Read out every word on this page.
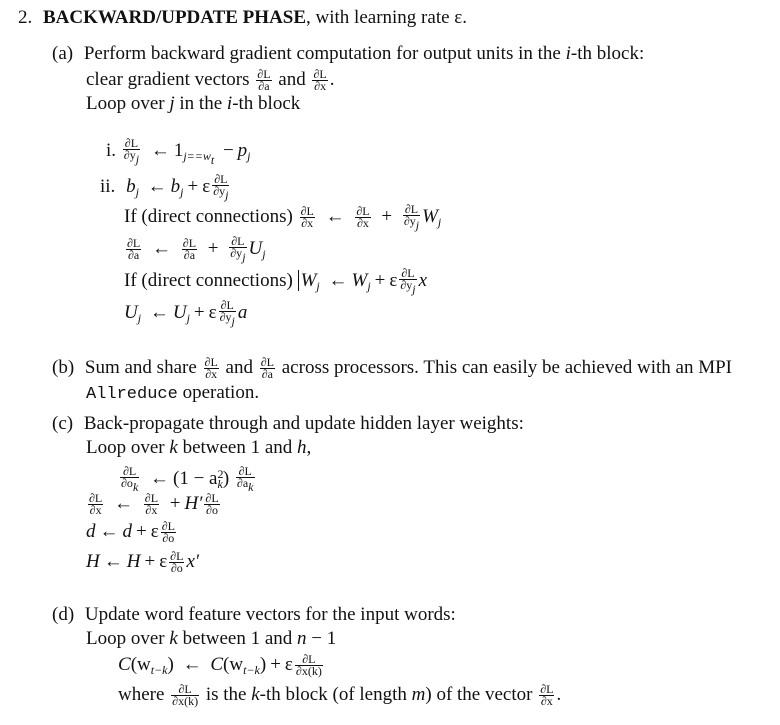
2. BACKWARD/UPDATE PHASE, with learning rate ε.
(a) Perform backward gradient computation for output units in the i-th block:
clear gradient vectors $\frac{\partial L}{\partial a}$ and $\frac{\partial L}{\partial x}$ .
Loop over j in the i-th block
i. $\frac{\partial L}{\partial y_j}$ ← $1_{j==w_t} - p_j$
ii. $b_j$ ← $b_j + \varepsilon \frac{\partial L}{\partial y_j}$
If (direct connections) $\frac{\partial L}{\partial x}$ ← $\frac{\partial L}{\partial x} + \frac{\partial L}{\partial y_j} W_j$
$\frac{\partial L}{\partial a}$ ← $\frac{\partial L}{\partial a} + \frac{\partial L}{\partial y_j} U_j$
If (direct connections) $W_j$ ← $W_j + \varepsilon \frac{\partial L}{\partial y_j}$ x
$U_j$ ← $U_j + \varepsilon \frac{\partial L}{\partial y_j}$ a
(b) Sum and share $\frac{\partial L}{\partial x}$ and $\frac{\partial L}{\partial a}$ across processors. This can easily be achieved with an MPI
Allreduce operation.
(c) Back-propagate through and update hidden layer weights:
Loop over k between 1 and h,
$\frac{\partial L}{\partial o_k}$ ← $(1 - a^2_k) \frac{\partial L}{\partial a_k}$
$\frac{\partial L}{\partial x}$ ← $\frac{\partial L}{\partial x} + H' \frac{\partial L}{\partial o}$
d ← d + ε $\frac{\partial L}{\partial o}$
H ← H + ε $\frac{\partial L}{\partial o} x'$
(d) Update word feature vectors for the input words:
Loop over k between 1 and n − 1
$C(w_{t-k})$ ← $C(w_{t-k}) + \varepsilon \frac{\partial L}{\partial x(k)}$
where $\frac{\partial L}{\partial x(k)}$ is the k-th block (of length m) of the vector $\frac{\partial L}{\partial x}$ .
